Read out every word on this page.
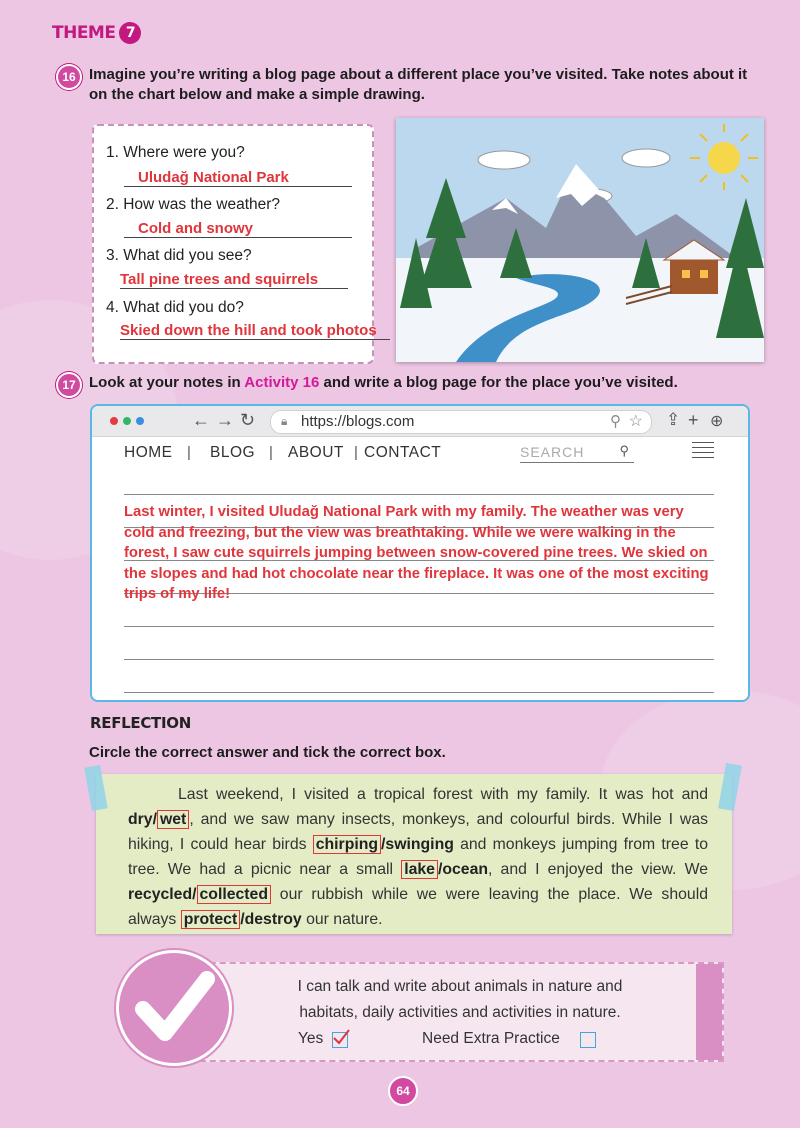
THEME 7
16 Imagine you’re writing a blog page about a different place you’ve visited. Take notes about it on the chart below and make a simple drawing.
1. Where were you?
Uludağ National Park
2. How was the weather?
Cold and snowy
3. What did you see?
Tall pine trees and squirrels
4. What did you do?
Skied down the hill and took photos
17 Look at your notes in Activity 16 and write a blog page for the place you’ve visited.
← → ↻ 🔒︎ https://blogs.com	⚲ ☆ ⇪ + ⊕
HOME | BLOG | ABOUT | CONTACT	SEARCH	⚲
Last winter, I visited Uludağ National Park with my family. The weather was very cold and freezing, but the view was breathtaking. While we were walking in the forest, I saw cute squirrels jumping between snow-covered pine trees. We skied on the slopes and had hot chocolate near the fireplace. It was one of the most exciting trips of my life!
REFLECTION
Circle the correct answer and tick the correct box.
Last weekend, I visited a tropical forest with my family. It was hot and dry/ wet , and we saw many insects, monkeys, and colourful birds. While I was hiking, I could hear birds chirping /swinging and monkeys jumping from tree to tree. We had a picnic near a small lake /ocean, and I enjoyed the view. We recycled/ collected our rubbish while we were leaving the place. We should always protect /destroy our nature.
I can talk and write about animals in nature and
habitats, daily activities and activities in nature.
Yes	Need Extra Practice
64
